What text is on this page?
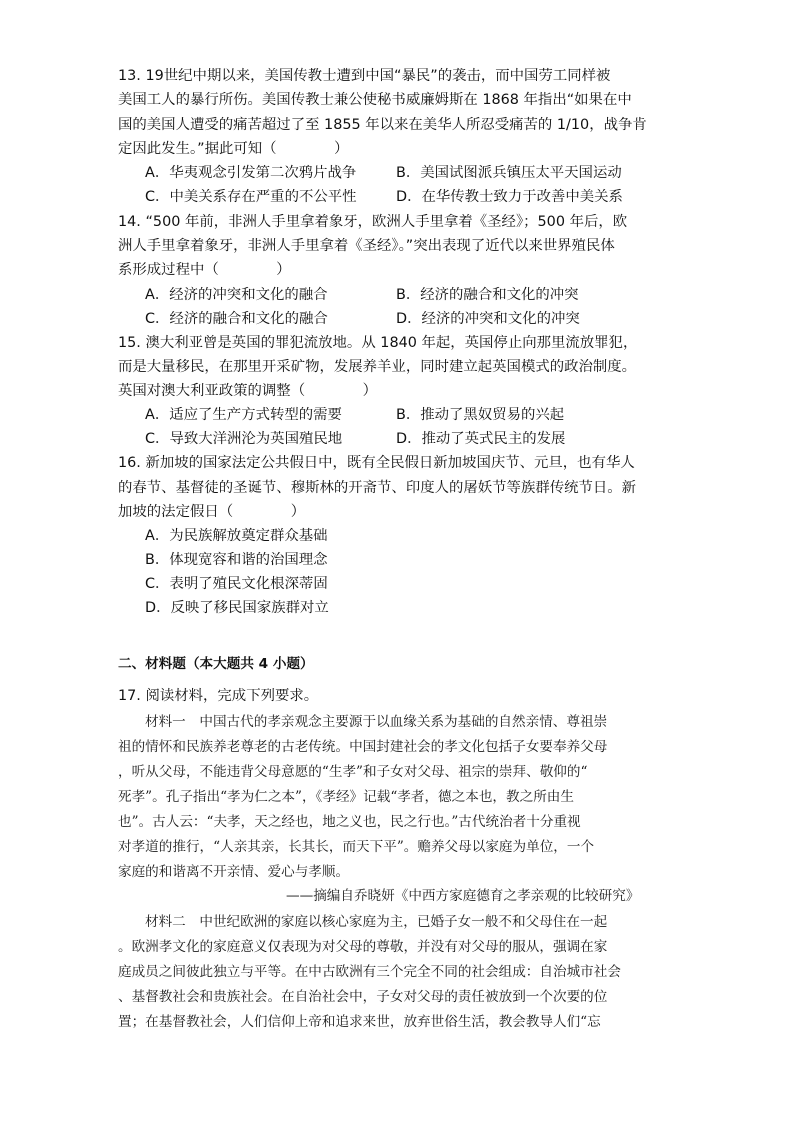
13. 19世纪中期以来，美国传教士遭到中国“暴民”的袭击，而中国劳工同样被
美国工人的暴行所伤。美国传教士兼公使秘书威廉姆斯在 1868 年指出“如果在中
国的美国人遭受的痛苦超过了至 1855 年以来在美华人所忍受痛苦的 1/10，战争肯
定因此发生。”据此可知（　　　　）
A．华夷观念引发第二次鸦片战争	B．美国试图派兵镇压太平天国运动
C．中美关系存在严重的不公平性	D．在华传教士致力于改善中美关系
14. “500 年前，非洲人手里拿着象牙，欧洲人手里拿着《圣经》；500 年后，欧
洲人手里拿着象牙，非洲人手里拿着《圣经》。”突出表现了近代以来世界殖民体
系形成过程中（　　　　）
A．经济的冲突和文化的融合	B．经济的融合和文化的冲突
C．经济的融合和文化的融合	D．经济的冲突和文化的冲突
15. 澳大利亚曾是英国的罪犯流放地。从 1840 年起，英国停止向那里流放罪犯，
而是大量移民，在那里开采矿物，发展养羊业，同时建立起英国模式的政治制度。
英国对澳大利亚政策的调整（　　　　）
A．适应了生产方式转型的需要	B．推动了黑奴贸易的兴起
C．导致大洋洲沦为英国殖民地	D．推动了英式民主的发展
16. 新加坡的国家法定公共假日中，既有全民假日新加坡国庆节、元旦，也有华人
的春节、基督徒的圣诞节、穆斯林的开斋节、印度人的屠妖节等族群传统节日。新
加坡的法定假日（　　　　）
A．为民族解放奠定群众基础
B．体现宽容和谐的治国理念
C．表明了殖民文化根深蒂固
D．反映了移民国家族群对立
二、材料题（本大题共 4 小题）
17. 阅读材料，完成下列要求。
材料一　中国古代的孝亲观念主要源于以血缘关系为基础的自然亲情、尊祖崇
祖的情怀和民族养老尊老的古老传统。中国封建社会的孝文化包括子女要奉养父母
，听从父母，不能违背父母意愿的“生孝”和子女对父母、祖宗的崇拜、敬仰的“
死孝”。孔子指出“孝为仁之本”，《孝经》记载“孝者，德之本也，教之所由生
也”。古人云：“夫孝，天之经也，地之义也，民之行也。”古代统治者十分重视
对孝道的推行，“人亲其亲，长其长，而天下平”。赡养父母以家庭为单位，一个
家庭的和谐离不开亲情、爱心与孝顺。
——摘编自乔晓妍《中西方家庭德育之孝亲观的比较研究》
材料二　中世纪欧洲的家庭以核心家庭为主，已婚子女一般不和父母住在一起
。欧洲孝文化的家庭意义仅表现为对父母的尊敬，并没有对父母的服从，强调在家
庭成员之间彼此独立与平等。在中古欧洲有三个完全不同的社会组成：自治城市社会
、基督教社会和贵族社会。在自治社会中，子女对父母的责任被放到一个次要的位
置；在基督教社会，人们信仰上帝和追求来世，放弃世俗生活，教会教导人们“忘
